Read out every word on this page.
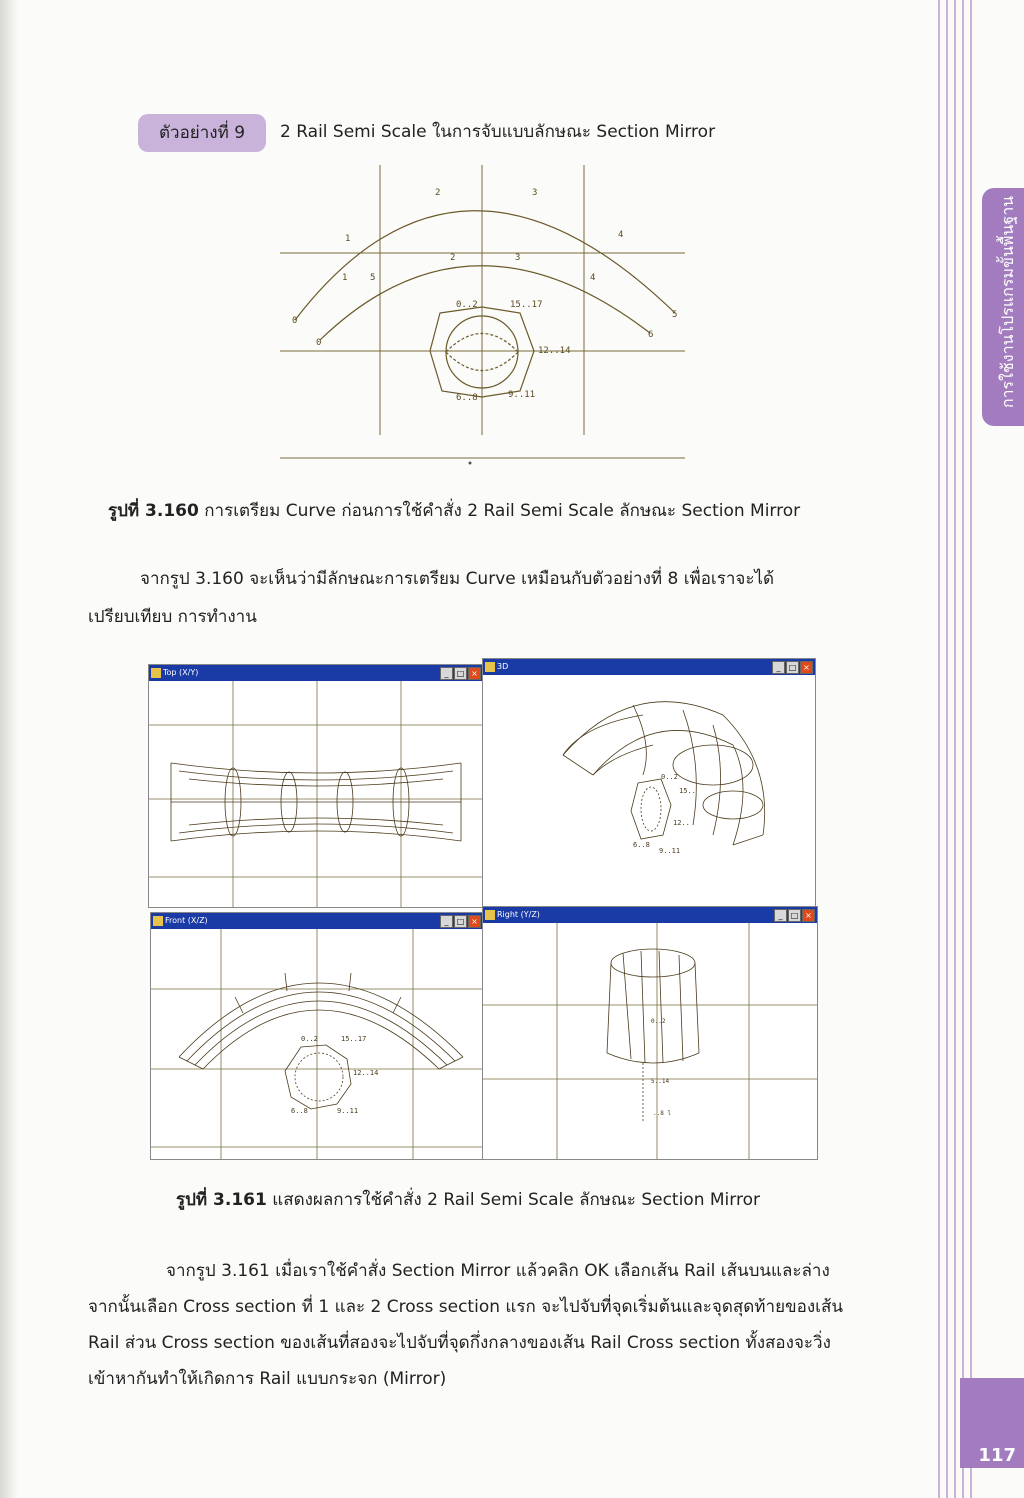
การใช้งานโปรแกรมขั้นพื้นฐาน
ตัวอย่างที่ 9	2 Rail Semi Scale ในการจับแบบลักษณะ Section Mirror
2	3
4
5
6
1
0
2	3
1	4
5
0
0..2	15..17
12..14
6..8	9..11
รูปที่ 3.160 การเตรียม Curve ก่อนการใช้คำสั่ง 2 Rail Semi Scale ลักษณะ Section Mirror
จากรูป 3.160 จะเห็นว่ามีลักษณะการเตรียม Curve เหมือนกับตัวอย่างที่ 8 เพื่อเราจะได้
เปรียบเทียบ การทำงาน
Top (X/Y)	_	□ ×
3D	_	□ ×
0..2
15..
12..
6..8
9..11
Front (X/Z)	_	□ ×
0..2	15..17
12..14
6..8	9..11
Right (Y/Z)	_	□ ×
0..2
5..14
..8 l
รูปที่ 3.161 แสดงผลการใช้คำสั่ง 2 Rail Semi Scale ลักษณะ Section Mirror
จากรูป 3.161 เมื่อเราใช้คำสั่ง Section Mirror แล้วคลิก OK เลือกเส้น Rail เส้นบนและล่าง
จากนั้นเลือก Cross section ที่ 1 และ 2 Cross section แรก จะไปจับที่จุดเริ่มต้นและจุดสุดท้ายของเส้น
Rail ส่วน Cross section ของเส้นที่สองจะไปจับที่จุดกึ่งกลางของเส้น Rail Cross section ทั้งสองจะวิ่ง
เข้าหากันทำให้เกิดการ Rail แบบกระจก (Mirror)
117
